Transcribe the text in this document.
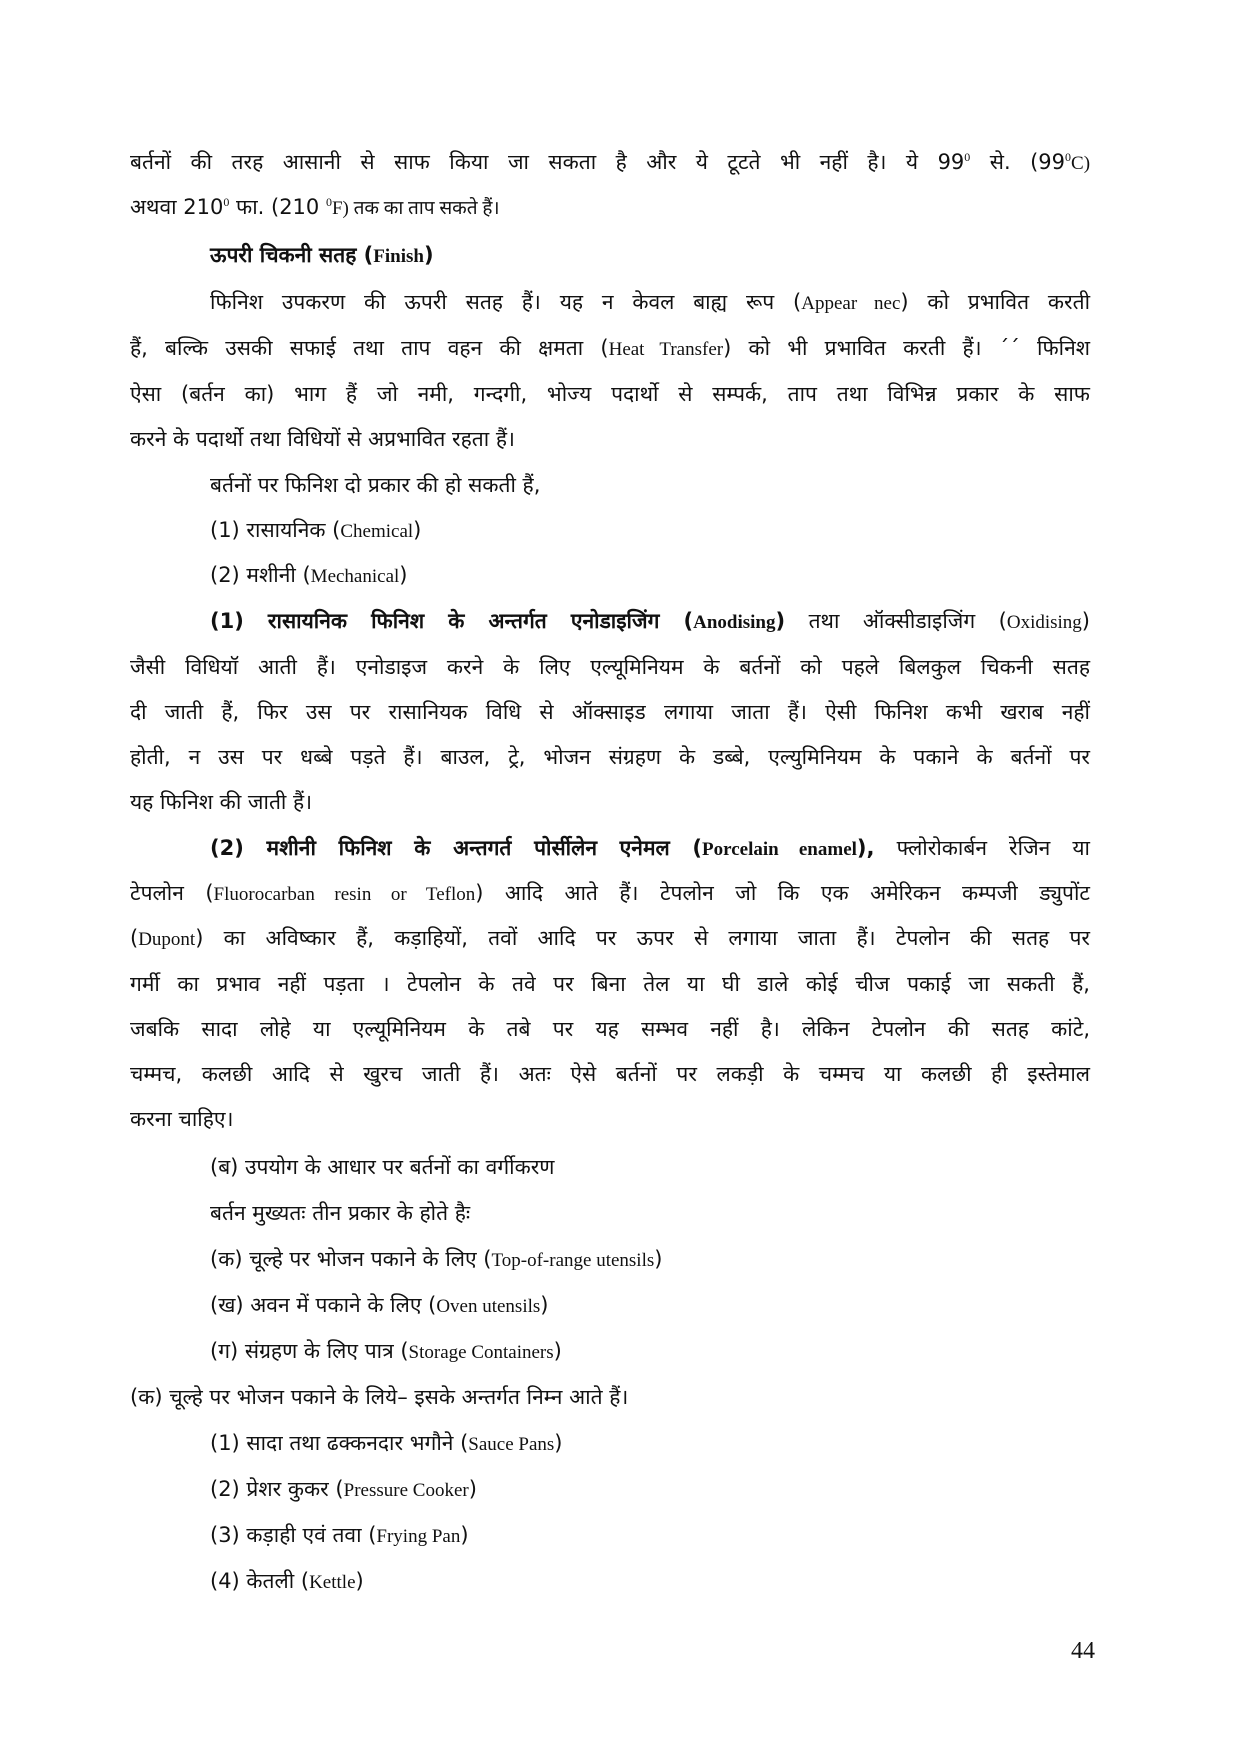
बर्तनों की तरह आसानी से साफ किया जा सकता है और ये टूटते भी नहीं है। ये $99^0$ से. $(99^0C)$
अथवा $210^0$ फा. (210 $^0$F) तक का ताप सकते हैं।
ऊपरी चिकनी सतह (Finish)
फिनिश उपकरण की ऊपरी सतह हैं। यह न केवल बाह्य रूप (Appear nec) को प्रभावित करती
हैं, बल्कि उसकी सफाई तथा ताप वहन की क्षमता (Heat Transfer) को भी प्रभावित करती हैं। ´´ फिनिश
ऐसा (बर्तन का) भाग हैं जो नमी, गन्दगी, भोज्य पदार्थो से सम्पर्क, ताप तथा विभिन्न प्रकार के साफ
करने के पदार्थो तथा विधियों से अप्रभावित रहता हैं।
बर्तनों पर फिनिश दो प्रकार की हो सकती हैं,
(1) रासायनिक (Chemical)
(2) मशीनी (Mechanical)
(1) रासायनिक फिनिश के अन्तर्गत एनोडाइजिंग (Anodising) तथा ऑक्सीडाइजिंग (Oxidising)
जैसी विधियॉ आती हैं। एनोडाइज करने के लिए एल्यूमिनियम के बर्तनों को पहले बिलकुल चिकनी सतह
दी जाती हैं, फिर उस पर रासानियक विधि से ऑक्साइड लगाया जाता हैं। ऐसी फिनिश कभी खराब नहीं
होती, न उस पर धब्बे पड़ते हैं। बाउल, ट्रे, भोजन संग्रहण के डब्बे, एल्युमिनियम के पकाने के बर्तनों पर
यह फिनिश की जाती हैं।
(2) मशीनी फिनिश के अन्तगर्त पोर्सीलेन एनेमल (Porcelain enamel), फ्लोरोकार्बन रेजिन या
टेपलोन (Fluorocarban resin or Teflon) आदि आते हैं। टेपलोन जो कि एक अमेरिकन कम्पजी ड्युपोंट
(Dupont) का अविष्कार हैं, कड़ाहियों, तवों आदि पर ऊपर से लगाया जाता हैं। टेपलोन की सतह पर
गर्मी का प्रभाव नहीं पड़ता । टेपलोन के तवे पर बिना तेल या घी डाले कोई चीज पकाई जा सकती हैं,
जबकि सादा लोहे या एल्यूमिनियम के तबे पर यह सम्भव नहीं है। लेकिन टेपलोन की सतह कांटे,
चम्मच, कलछी आदि से खुरच जाती हैं। अतः ऐसे बर्तनों पर लकड़ी के चम्मच या कलछी ही इस्तेमाल
करना चाहिए।
(ब) उपयोग के आधार पर बर्तनों का वर्गीकरण
बर्तन मुख्यतः तीन प्रकार के होते हैः
(क) चूल्हे पर भोजन पकाने के लिए (Top-of-range utensils)
(ख) अवन में पकाने के लिए (Oven utensils)
(ग) संग्रहण के लिए पात्र (Storage Containers)
(क) चूल्हे पर भोजन पकाने के लिये– इसके अन्तर्गत निम्न आते हैं।
(1) सादा तथा ढक्कनदार भगौने (Sauce Pans)
(2) प्रेशर कुकर (Pressure Cooker)
(3) कड़ाही एवं तवा (Frying Pan)
(4) केतली (Kettle)
44
